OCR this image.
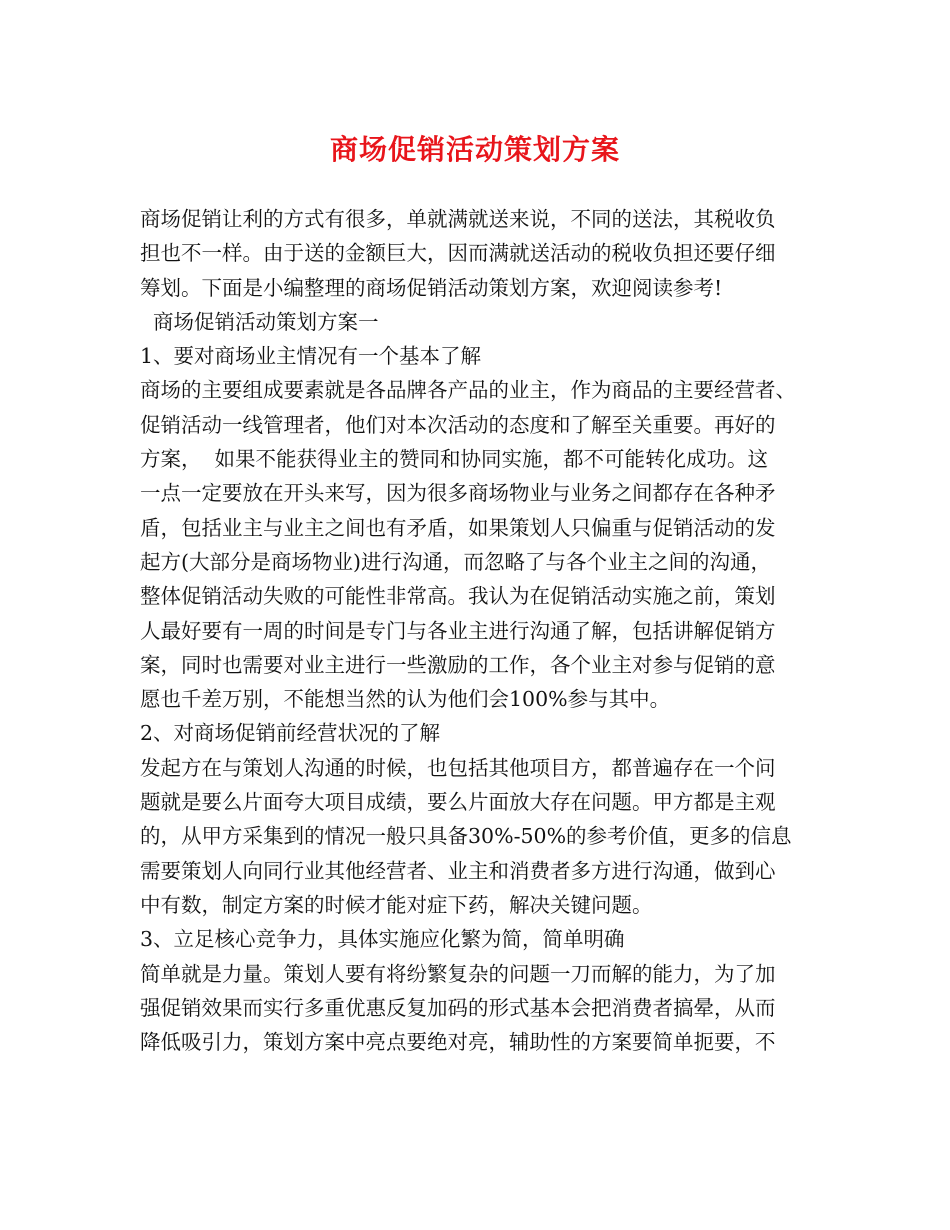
商场促销活动策划方案
商场促销让利的方式有很多，单就满就送来说，不同的送法，其税收负
担也不一样。由于送的金额巨大，因而满就送活动的税收负担还要仔细
筹划。下面是小编整理的商场促销活动策划方案，欢迎阅读参考!
商场促销活动策划方案一
1、要对商场业主情况有一个基本了解
商场的主要组成要素就是各品牌各产品的业主，作为商品的主要经营者、
促销活动一线管理者，他们对本次活动的态度和了解至关重要。再好的
方案，  如果不能获得业主的赞同和协同实施，都不可能转化成功。这
一点一定要放在开头来写，因为很多商场物业与业务之间都存在各种矛
盾，包括业主与业主之间也有矛盾，如果策划人只偏重与促销活动的发
起方(大部分是商场物业)进行沟通，而忽略了与各个业主之间的沟通，
整体促销活动失败的可能性非常高。我认为在促销活动实施之前，策划
人最好要有一周的时间是专门与各业主进行沟通了解，包括讲解促销方
案，同时也需要对业主进行一些激励的工作，各个业主对参与促销的意
愿也千差万别，不能想当然的认为他们会100%参与其中。
2、对商场促销前经营状况的了解
发起方在与策划人沟通的时候，也包括其他项目方，都普遍存在一个问
题就是要么片面夸大项目成绩，要么片面放大存在问题。甲方都是主观
的，从甲方采集到的情况一般只具备30%-50%的参考价值，更多的信息
需要策划人向同行业其他经营者、业主和消费者多方进行沟通，做到心
中有数，制定方案的时候才能对症下药，解决关键问题。
3、立足核心竞争力，具体实施应化繁为简，简单明确
简单就是力量。策划人要有将纷繁复杂的问题一刀而解的能力，为了加
强促销效果而实行多重优惠反复加码的形式基本会把消费者搞晕，从而
降低吸引力，策划方案中亮点要绝对亮，辅助性的方案要简单扼要，不
